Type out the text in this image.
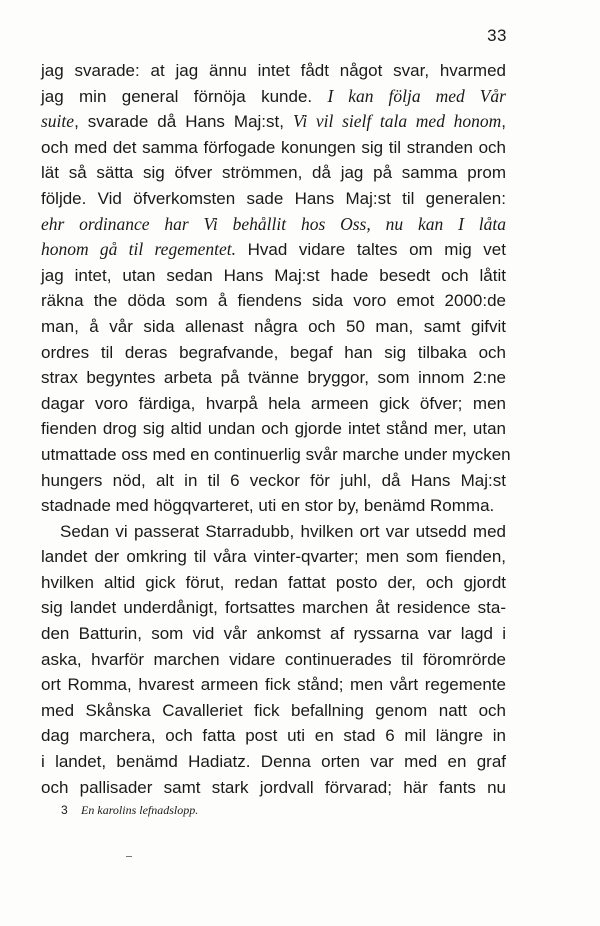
33
jag svarade: at jag ännu intet fådt något svar, hvarmed
jag min general förnöja kunde. I kan följa med Vår
suite, svarade då Hans Maj:st, Vi vil sielf tala med honom,
och med det samma förfogade konungen sig til stranden och
lät så sätta sig öfver strömmen, då jag på samma prom
följde. Vid öfverkomsten sade Hans Maj:st til generalen:
ehr ordinance har Vi behållit hos Oss, nu kan I låta
honom gå til regementet. Hvad vidare taltes om mig vet
jag intet, utan sedan Hans Maj:st hade besedt och låtit
räkna the döda som å fiendens sida voro emot 2000:de
man, å vår sida allenast några och 50 man, samt gifvit
ordres til deras begrafvande, begaf han sig tilbaka och
strax begyntes arbeta på tvänne bryggor, som innom 2:ne
dagar voro färdiga, hvarpå hela armeen gick öfver; men
fienden drog sig altid undan och gjorde intet stånd mer, utan
utmattade oss med en continuerlig svår marche under mycken
hungers nöd, alt in til 6 veckor för juhl, då Hans Maj:st
stadnade med högqvarteret, uti en stor by, benämd Romma.
Sedan vi passerat Starradubb, hvilken ort var utsedd med
landet der omkring til våra vinter-qvarter; men som fienden,
hvilken altid gick förut, redan fattat posto der, och gjordt
sig landet underdånigt, fortsattes marchen åt residence sta-
den Batturin, som vid vår ankomst af ryssarna var lagd i
aska, hvarför marchen vidare continuerades til föromrörde
ort Romma, hvarest armeen fick stånd; men vårt regemente
med Skånska Cavalleriet fick befallning genom natt och
dag marchera, och fatta post uti en stad 6 mil längre in
i landet, benämd Hadiatz. Denna orten var med en graf
och pallisader samt stark jordvall förvarad; här fants nu
3 En karolins lefnadslopp.
